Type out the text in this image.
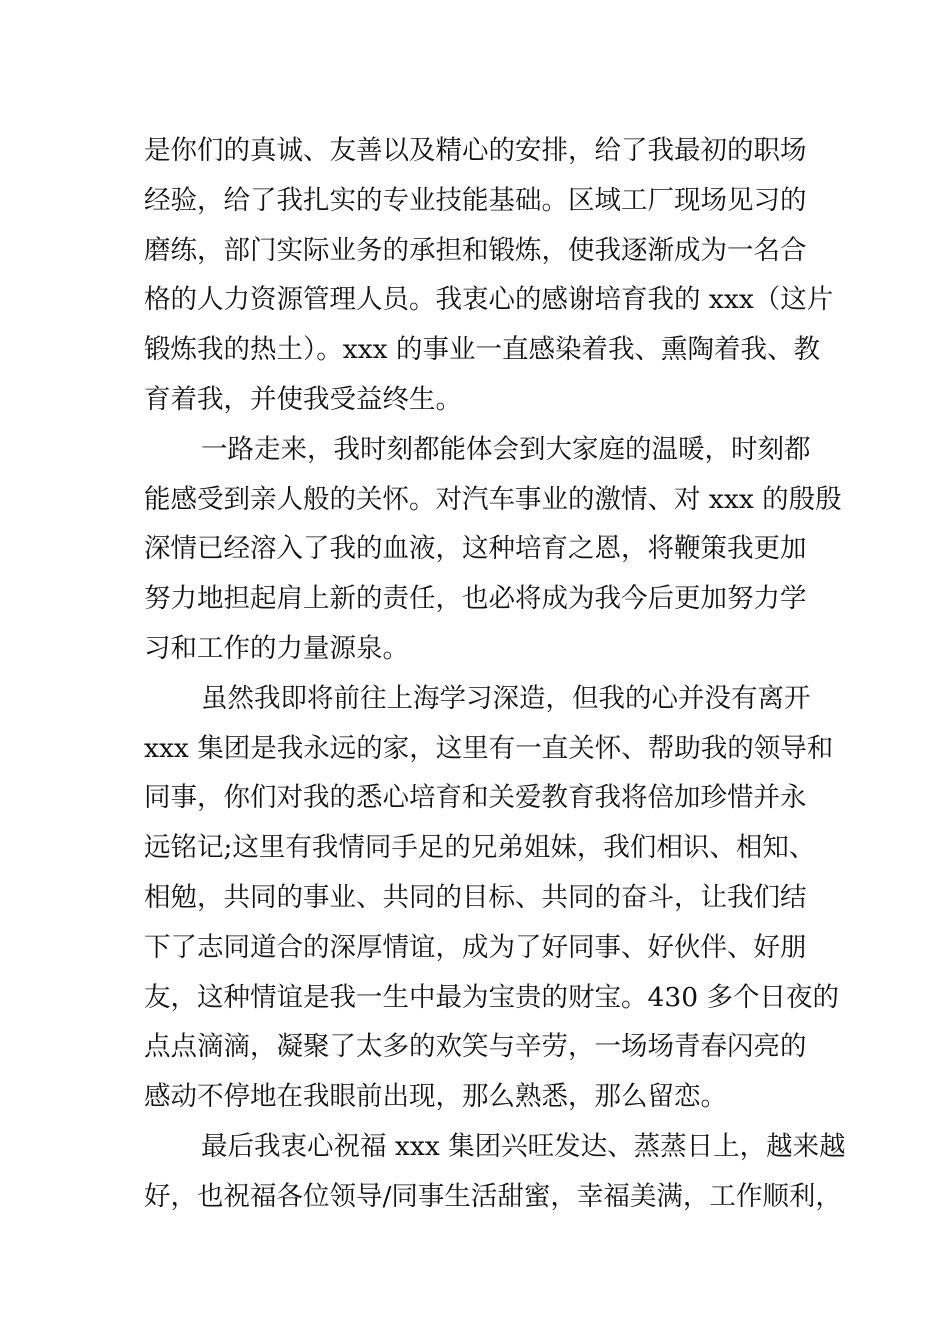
是你们的真诚、友善以及精心的安排，给了我最初的职场
经验，给了我扎实的专业技能基础。区域工厂现场见习的
磨练，部门实际业务的承担和锻炼，使我逐渐成为一名合
格的人力资源管理人员。我衷心的感谢培育我的 xxx（这片
锻炼我的热土）。xxx 的事业一直感染着我、熏陶着我、教
育着我，并使我受益终生。
一路走来，我时刻都能体会到大家庭的温暖，时刻都
能感受到亲人般的关怀。对汽车事业的激情、对 xxx 的殷殷
深情已经溶入了我的血液，这种培育之恩，将鞭策我更加
努力地担起肩上新的责任，也必将成为我今后更加努力学
习和工作的力量源泉。
虽然我即将前往上海学习深造，但我的心并没有离开
xxx 集团是我永远的家，这里有一直关怀、帮助我的领导和
同事，你们对我的悉心培育和关爱教育我将倍加珍惜并永
远铭记;这里有我情同手足的兄弟姐妹，我们相识、相知、
相勉，共同的事业、共同的目标、共同的奋斗，让我们结
下了志同道合的深厚情谊，成为了好同事、好伙伴、好朋
友，这种情谊是我一生中最为宝贵的财宝。430 多个日夜的
点点滴滴，凝聚了太多的欢笑与辛劳，一场场青春闪亮的
感动不停地在我眼前出现，那么熟悉，那么留恋。
最后我衷心祝福 xxx 集团兴旺发达、蒸蒸日上，越来越
好，也祝福各位领导/同事生活甜蜜，幸福美满，工作顺利，
